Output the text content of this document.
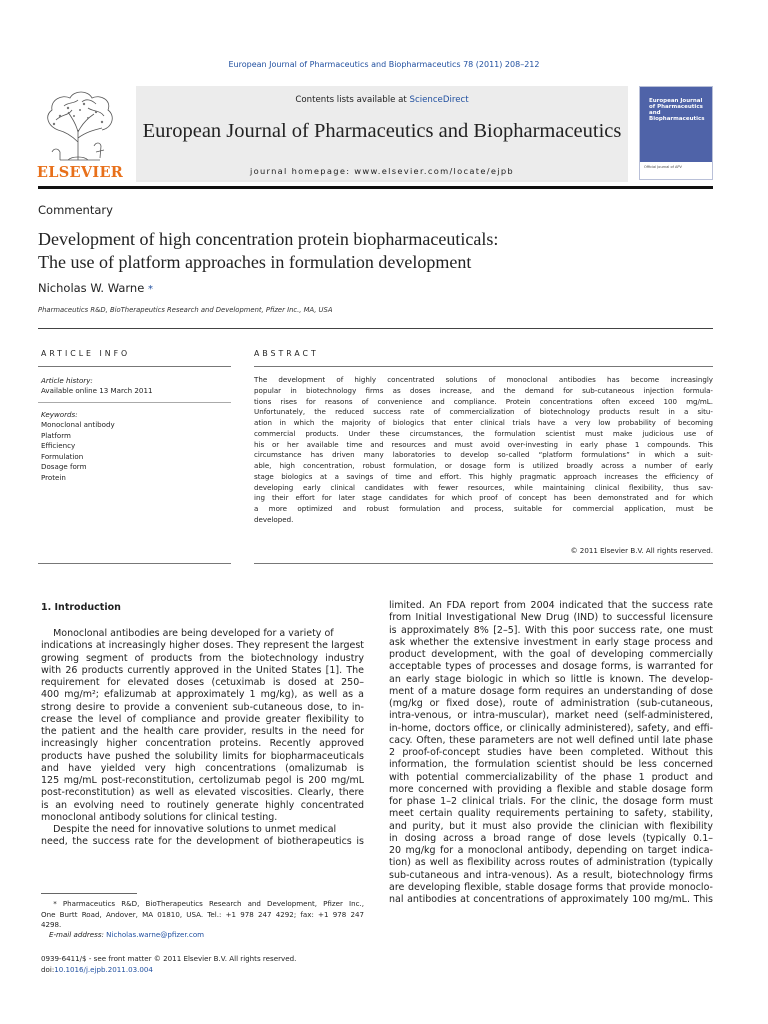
European Journal of Pharmaceutics and Biopharmaceutics 78 (2011) 208–212
ELSEVIER
Contents lists available at ScienceDirect
European Journal of Pharmaceutics and Biopharmaceutics
journal homepage: www.elsevier.com/locate/ejpb
European Journal of Pharmaceutics and Biopharmaceutics
Official Journal of APV
Commentary
Development of high concentration protein biopharmaceuticals:
The use of platform approaches in formulation development
Nicholas W. Warne *
Pharmaceutics R&D, BioTherapeutics Research and Development, Pfizer Inc., MA, USA
ARTICLE INFO	ABSTRACT
Article history:
Available online 13 March 2011
Keywords:
Monoclonal antibody
Platform
Efficiency
Formulation
Dosage form
Protein
The development of highly concentrated solutions of monoclonal antibodies has become increasingly
popular in biotechnology firms as doses increase, and the demand for sub-cutaneous injection formula-
tions rises for reasons of convenience and compliance. Protein concentrations often exceed 100 mg/mL.
Unfortunately, the reduced success rate of commercialization of biotechnology products result in a situ-
ation in which the majority of biologics that enter clinical trials have a very low probability of becoming
commercial products. Under these circumstances, the formulation scientist must make judicious use of
his or her available time and resources and must avoid over-investing in early phase 1 compounds. This
circumstance has driven many laboratories to develop so-called “platform formulations” in which a suit-
able, high concentration, robust formulation, or dosage form is utilized broadly across a number of early
stage biologics at a savings of time and effort. This highly pragmatic approach increases the efficiency of
developing early clinical candidates with fewer resources, while maintaining clinical flexibility, thus sav-
ing their effort for later stage candidates for which proof of concept has been demonstrated and for which
a more optimized and robust formulation and process, suitable for commercial application, must be
developed.
© 2011 Elsevier B.V. All rights reserved.
1. Introduction
Monoclonal antibodies are being developed for a variety of
indications at increasingly higher doses. They represent the largest
growing segment of products from the biotechnology industry
with 26 products currently approved in the United States [1]. The
requirement for elevated doses (cetuximab is dosed at 250–
400 mg/m²; efalizumab at approximately 1 mg/kg), as well as a
strong desire to provide a convenient sub-cutaneous dose, to in-
crease the level of compliance and provide greater flexibility to
the patient and the health care provider, results in the need for
increasingly higher concentration proteins. Recently approved
products have pushed the solubility limits for biopharmaceuticals
and have yielded very high concentrations (omalizumab is
125 mg/mL post-reconstitution, certolizumab pegol is 200 mg/mL
post-reconstitution) as well as elevated viscosities. Clearly, there
is an evolving need to routinely generate highly concentrated
monoclonal antibody solutions for clinical testing.
Despite the need for innovative solutions to unmet medical
need, the success rate for the development of biotherapeutics is
limited. An FDA report from 2004 indicated that the success rate
from Initial Investigational New Drug (IND) to successful licensure
is approximately 8% [2–5]. With this poor success rate, one must
ask whether the extensive investment in early stage process and
product development, with the goal of developing commercially
acceptable types of processes and dosage forms, is warranted for
an early stage biologic in which so little is known. The develop-
ment of a mature dosage form requires an understanding of dose
(mg/kg or fixed dose), route of administration (sub-cutaneous,
intra-venous, or intra-muscular), market need (self-administered,
in-home, doctors office, or clinically administered), safety, and effi-
cacy. Often, these parameters are not well defined until late phase
2 proof-of-concept studies have been completed. Without this
information, the formulation scientist should be less concerned
with potential commercializability of the phase 1 product and
more concerned with providing a flexible and stable dosage form
for phase 1–2 clinical trials. For the clinic, the dosage form must
meet certain quality requirements pertaining to safety, stability,
and purity, but it must also provide the clinician with flexibility
in dosing across a broad range of dose levels (typically 0.1–
20 mg/kg for a monoclonal antibody, depending on target indica-
tion) as well as flexibility across routes of administration (typically
sub-cutaneous and intra-venous). As a result, biotechnology firms
are developing flexible, stable dosage forms that provide monoclo-
nal antibodies at concentrations of approximately 100 mg/mL. This
* Pharmaceutics R&D, BioTherapeutics Research and Development, Pfizer Inc.,
One Burtt Road, Andover, MA 01810, USA. Tel.: +1 978 247 4292; fax: +1 978 247
4298.
E-mail address: Nicholas.warne@pfizer.com
0939-6411/$ - see front matter © 2011 Elsevier B.V. All rights reserved.
doi:10.1016/j.ejpb.2011.03.004
